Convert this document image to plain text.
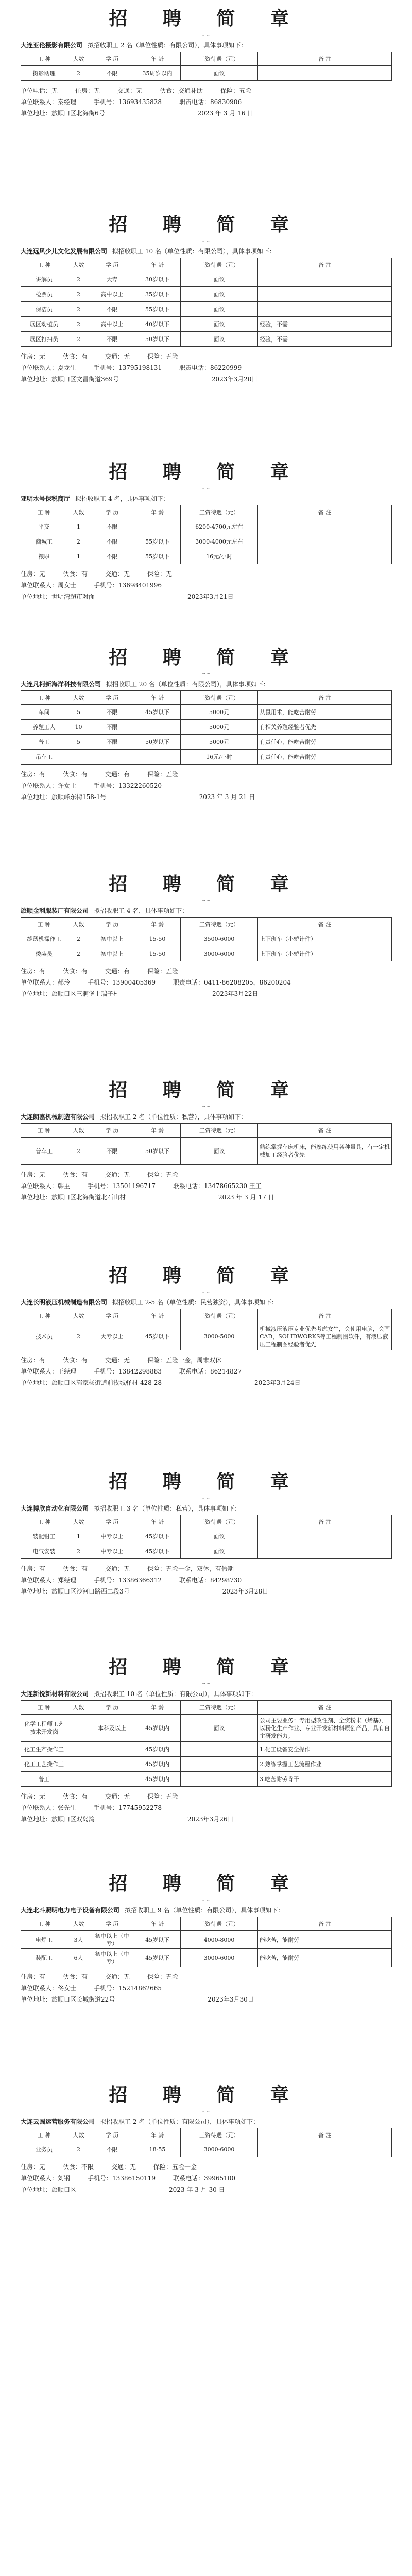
招 聘 简 章
∽∽
大连亚伦摄影有限公司 拟招收职工 2 名（单位性质：有限公司），具体事项如下：
工 种	人数	学 历	年 龄	工资待遇（元）	备 注
摄影助理	2	不限	35周岁以内	面议	
单位电话：无	住房：无	交通：无	伙食：交通补助	保险：五险
单位联系人：秦经理	手机号：13693435828	职责电话：86830906
单位地址：旅顺口区北海街6号	2023 年 3 月 16 日
招 聘 简 章
∽∽
大连远风少儿文化发展有限公司 拟招收职工 10 名（单位性质：有限公司），具体事项如下：
工 种	人数	学 历	年 龄	工资待遇（元）	备 注
讲解员	2	大专	30岁以下	面议	
检票员	2	高中以上	35岁以下	面议	
保洁员	2	不限	55岁以下	面议	
展区动植员	2	高中以上	40岁以下	面议	经验，不需
展区打扫员	2	不限	50岁以下	面议	经验，不需
住房：无	伙食：有	交通：无	保险：五险
单位联系人：夏龙生	手机号：13795198131	职责电话：86220999
单位地址：旅顺口区文昌街道369号	2023年3月20日
招 聘 简 章
∽∽
亚明水号保税商厅 拟招收职工 4 名，具体事项如下：
工 种	人数	学 历	年 龄	工资待遇（元）	备 注
平交	1	不限		6200-4700元左右	
商城工	2	不限	55岁以下	3000-4000元左右	
粮职	1	不限	55岁以下	16元/小时	
住房：无	伙食：有	交通：无	保险：无
单位联系人：周女士	手机号：13698401996
单位地址：世明湾超市对面	2023年3月21日
招 聘 简 章
∽∽
大连凡柯新海洋科技有限公司 拟招收职工 20 名（单位性质：有限公司），具体事项如下：
工 种	人数	学 历	年 龄	工资待遇（元）	备 注
车间	5	不限	45岁以下	5000元	从鼠用术，能吃苦耐劳
养殖工人	10	不限		5000元	有相关养殖经验者优先
普工	5	不限	50岁以下	5000元	有责任心，能吃苦耐劳
吊车工				16元/小时	有责任心，能吃苦耐劳
住房：有	伙食：有	交通：有	保险：五险
单位联系人：许女士	手机号：13322260520
单位地址：旅顺峰东街158-1号	2023 年 3 月 21 日
招 聘 简 章
∽∽
旅顺金利服装厂有限公司 拟招收职工 4 名，具体事项如下：
工 种	人数	学 历	年 龄	工资待遇（元）	备 注
缝纫机操作工	2	初中以上	15-50	3500-6000	上下班车（小轿计件）
烫装员	2	初中以上	15-50	3000-6000	上下班车（小轿计件）
住房：有	伙食：有	交通：有	保险：五险
单位联系人：郝玲	手机号：13900405369	职责电话：0411-86208205，86200204
单位地址：旅顺口区三涧堡上瑞子村	2023年3月22日
招 聘 简 章
∽∽
大连朗嘉机械制造有限公司 拟招收职工 2 名（单位性质：私营），具体事项如下：
工 种	人数	学 历	年 龄	工资待遇（元）	备 注
普车工	2	不限	50岁以下	面议	熟练掌握车床机床，能熟练使用各种量具，有一定机械加工经验者优先
住房：无	伙食：有	交通：无	保险：五险
单位联系人：韩主	手机号：13501196717	联系电话：13478665230 王工
单位地址：旅顺口区北海街道北石山村	2023 年 3 月 17 日
招 聘 简 章
∽∽
大连长明液压机械制造有限公司 拟招收职工 2-5 名（单位性质：民营独资），具体事项如下：
工 种	人数	学 历	年 龄	工资待遇（元）	备 注
技术员	2	大专以上	45岁以下	3000-5000	机械液压液压专业优先考虑女生，会使用电脑，会画CAD，SOLIDWORKS等工程制图软件，有液压液压工程制图经验者优先
住房：有	伙食：有	交通：无	保险：五险一金，周末双休
单位联系人：王经理	手机号：13842298883	联系电话：86214827
单位地址：旅顺口区郭家杨街道前牧城驿村 428-28	2023年3月24日
招 聘 简 章
∽∽
大连博欣自动化有限公司 拟招收职工 3 名（单位性质：私营），具体事项如下：
工 种	人数	学 历	年 龄	工资待遇（元）	备 注
装配钳工	1	中专以上	45岁以下	面议	
电气安装	2	中专以上	45岁以下	面议	
住房：有	伙食：有	交通：无	保险：五险一金，双休，有假期
单位联系人：郑经理	手机号：13386366312	联系电话：84298730
单位地址：旅顺口区沙河口路西二段3号	2023年3月28日
招 聘 简 章
∽∽
大连新悦新材料有限公司 拟招收职工 10 名（单位性质：有限公司），具体事项如下：
工 种	人数	学 历	年 龄	工资待遇（元）	备 注
化学工程师工艺技术开发岗		本科及以上	45岁以内	面议	公司主要业务：专用型改性剂、全资粉末（烯基）、以粉化生产作业、专业开发新材料原创产品，具有自主研发能力。
化工生产操作工			45岁以内		1.化工设备安全操作
化工工艺操作工			45岁以内		2.熟练掌握工艺流程作业
普工			45岁以内		3.吃苦耐劳肯干
住房：无	伙食：有	交通：无	保险：五险
单位联系人：张先生	手机号：17745952278
单位地址：旅顺口区双岛湾	2023年3月26日
招 聘 简 章
∽∽
大连北斗照明电力电子设备有限公司 拟招收职工 9 名（单位性质：有限公司），具体事项如下：
工 种	人数	学 历	年 龄	工资待遇（元）	备 注
电焊工	3人	初中以上（中专）	45岁以下	4000-8000	能吃苦，能耐劳
装配工	6人	初中以上（中专）	45岁以下	3000-6000	能吃苦，能耐劳
住房：有	伙食：有	交通：无	保险：五险
单位联系人：佟女士	手机号：15214862665
单位地址：旅顺口区长城街道22号	2023年3月30日
招 聘 简 章
∽∽
大连云圆运营服务有限公司 拟招收职工 2 名（单位性质：有限公司），具体事项如下：
工 种	人数	学 历	年 龄	工资待遇（元）	备 注
业务员	2	不限	18-55	3000-6000	
住房：无	伙食：不限	交通：无	保险：五险一金
单位联系人：刘钢	手机号：13386150119	联系电话：39965100
单位地址：旅顺口区	2023 年 3 月 30 日
